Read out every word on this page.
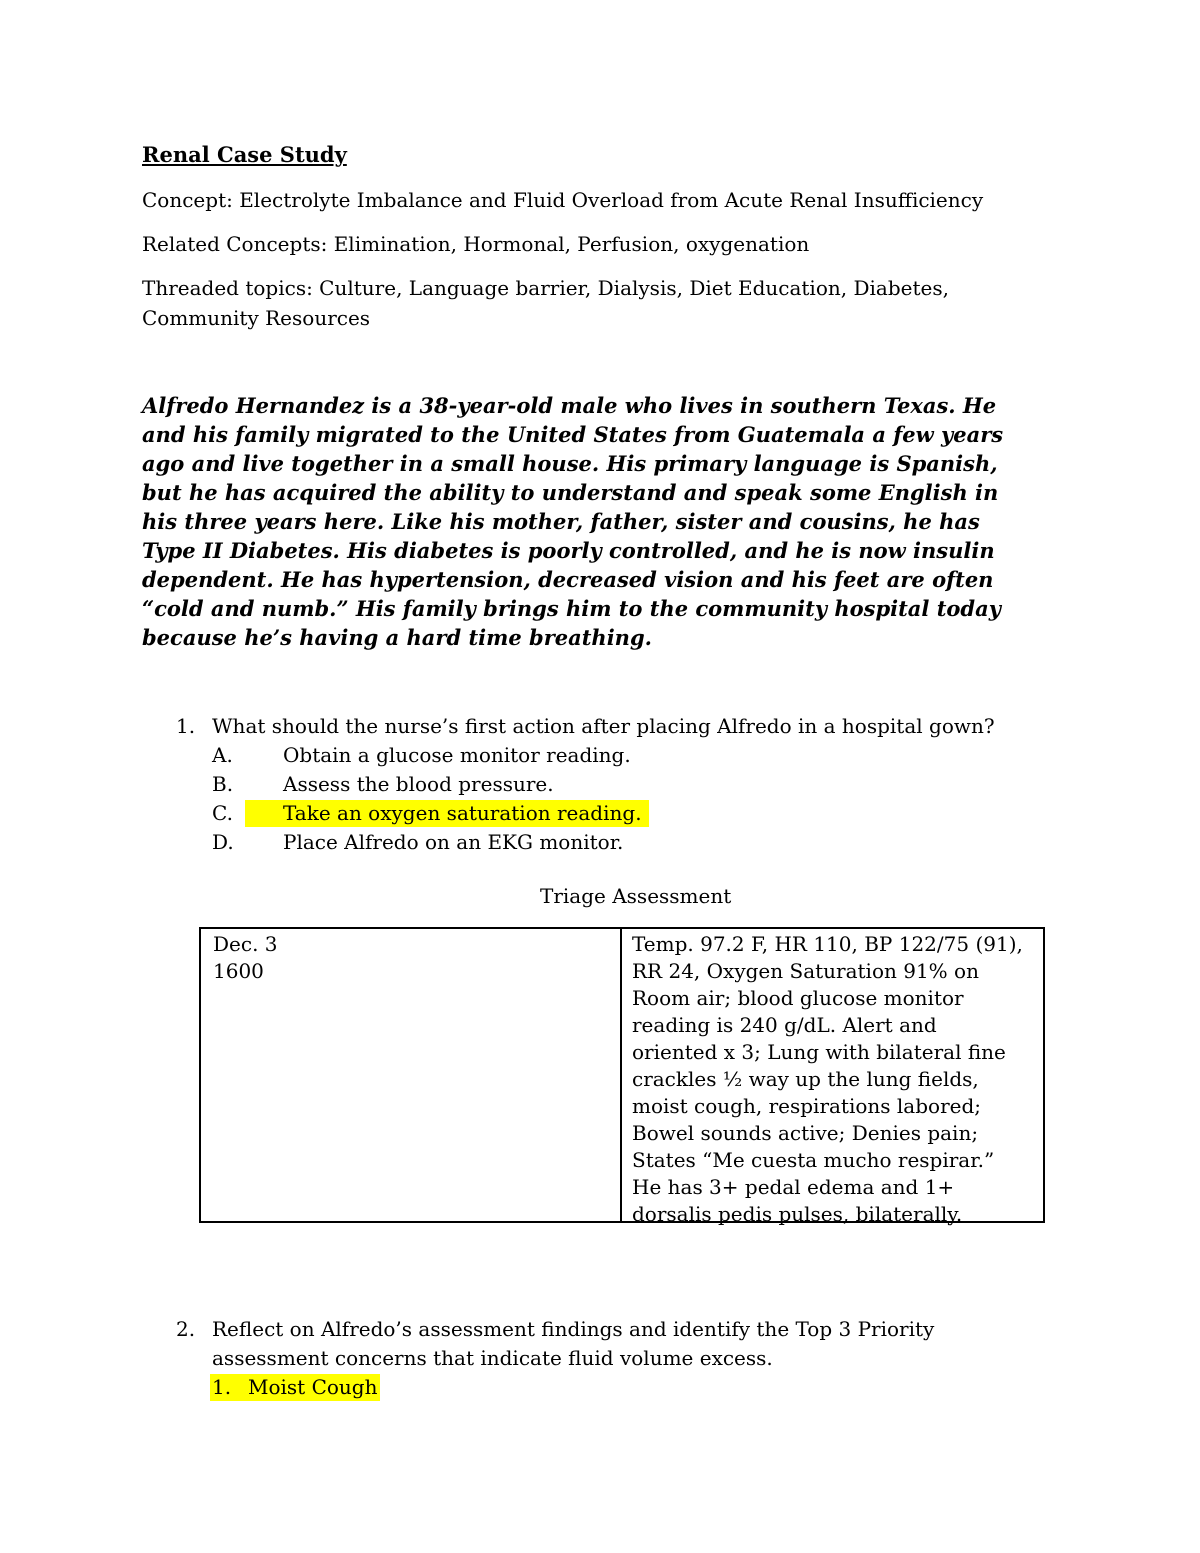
Renal Case Study
Concept: Electrolyte Imbalance and Fluid Overload from Acute Renal Insufficiency
Related Concepts: Elimination, Hormonal, Perfusion, oxygenation
Threaded topics: Culture, Language barrier, Dialysis, Diet Education, Diabetes,
Community Resources
Alfredo Hernandez is a 38-year-old male who lives in southern Texas. He
and his family migrated to the United States from Guatemala a few years
ago and live together in a small house. His primary language is Spanish,
but he has acquired the ability to understand and speak some English in
his three years here. Like his mother, father, sister and cousins, he has
Type II Diabetes. His diabetes is poorly controlled, and he is now insulin
dependent. He has hypertension, decreased vision and his feet are often
“cold and numb.” His family brings him to the community hospital today
because he’s having a hard time breathing.
1. What should the nurse’s first action after placing Alfredo in a hospital gown?
A.	Obtain a glucose monitor reading.
B. Assess the blood pressure.
C.	Take an oxygen saturation reading.
D. Place Alfredo on an EKG monitor.
Triage Assessment
Dec. 3
1600
Temp. 97.2 F, HR 110, BP 122/75 (91),
RR 24, Oxygen Saturation 91% on
Room air; blood glucose monitor
reading is 240 g/dL. Alert and
oriented x 3; Lung with bilateral fine
crackles ½ way up the lung fields,
moist cough, respirations labored;
Bowel sounds active; Denies pain;
States “Me cuesta mucho respirar.”
He has 3+ pedal edema and 1+
dorsalis pedis pulses, bilaterally.
2. Reflect on Alfredo’s assessment findings and identify the Top 3 Priority
assessment concerns that indicate fluid volume excess.
1. Moist Cough
